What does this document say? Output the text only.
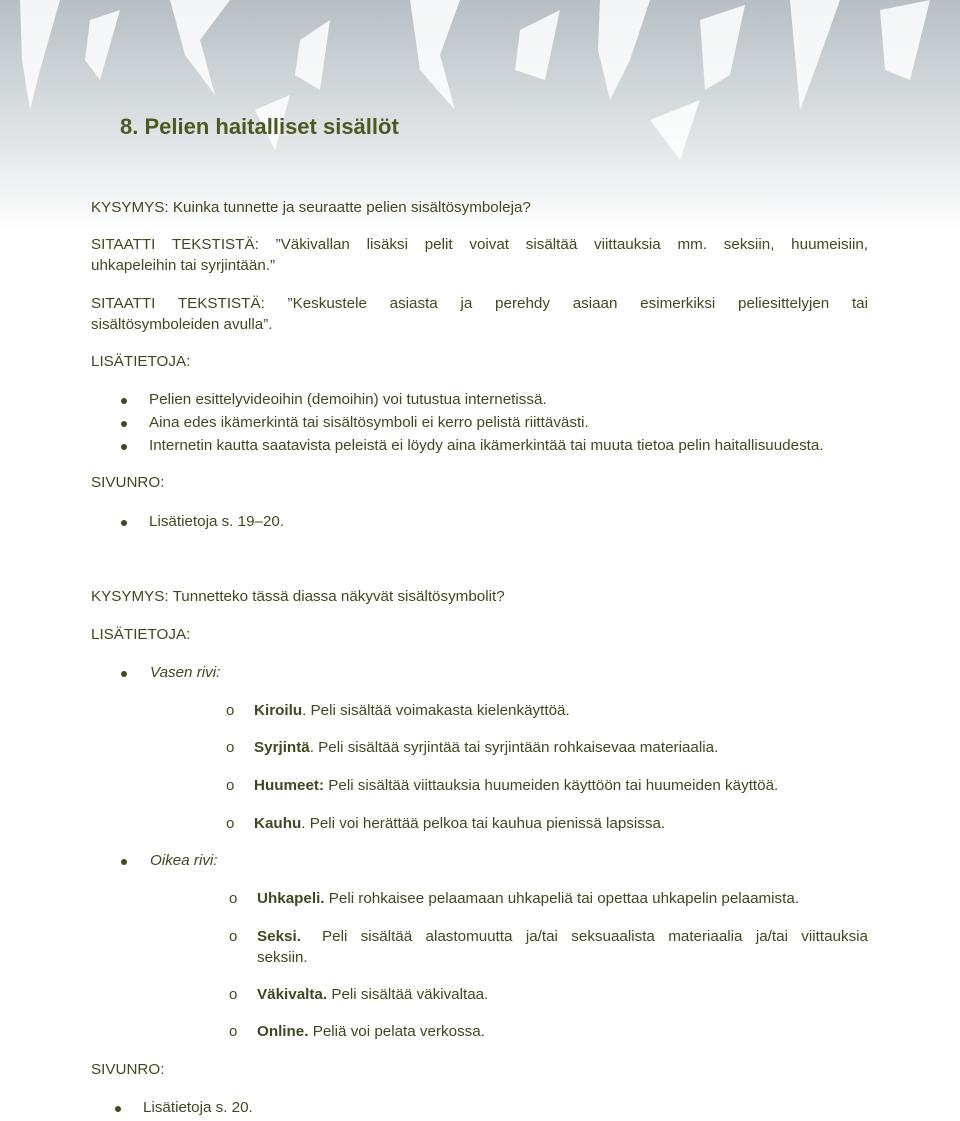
8. Pelien haitalliset sisällöt
KYSYMYS: Kuinka tunnette ja seuraatte pelien sisältösymboleja?
SITAATTI TEKSTISTÄ: ”Väkivallan lisäksi pelit voivat sisältää viittauksia mm. seksiin, huumeisiin,
uhkapeleihin tai syrjintään.”
SITAATTI TEKSTISTÄ: ”Keskustele asiasta ja perehdy asiaan esimerkiksi peliesittelyjen tai
sisältösymboleiden avulla”.
LISÄTIETOJA:
Pelien esittelyvideoihin (demoihin) voi tutustua internetissä.
Aina edes ikämerkintä tai sisältösymboli ei kerro pelistä riittävästi.
Internetin kautta saatavista peleistä ei löydy aina ikämerkintää tai muuta tietoa pelin haitallisuudesta.
SIVUNRO:
Lisätietoja s. 19–20.
KYSYMYS: Tunnetteko tässä diassa näkyvät sisältösymbolit?
LISÄTIETOJA:
Vasen rivi:
o Kiroilu. Peli sisältää voimakasta kielenkäyttöä.
o Syrjintä. Peli sisältää syrjintää tai syrjintään rohkaisevaa materiaalia.
o Huumeet: Peli sisältää viittauksia huumeiden käyttöön tai huumeiden käyttöä.
o Kauhu. Peli voi herättää pelkoa tai kauhua pienissä lapsissa.
Oikea rivi:
o Uhkapeli. Peli rohkaisee pelaamaan uhkapeliä tai opettaa uhkapelin pelaamista.
o Seksi. Peli sisältää alastomuutta ja/tai seksuaalista materiaalia ja/tai viittauksia
seksiin.
o Väkivalta. Peli sisältää väkivaltaa.
o Online. Peliä voi pelata verkossa.
SIVUNRO:
Lisätietoja s. 20.
